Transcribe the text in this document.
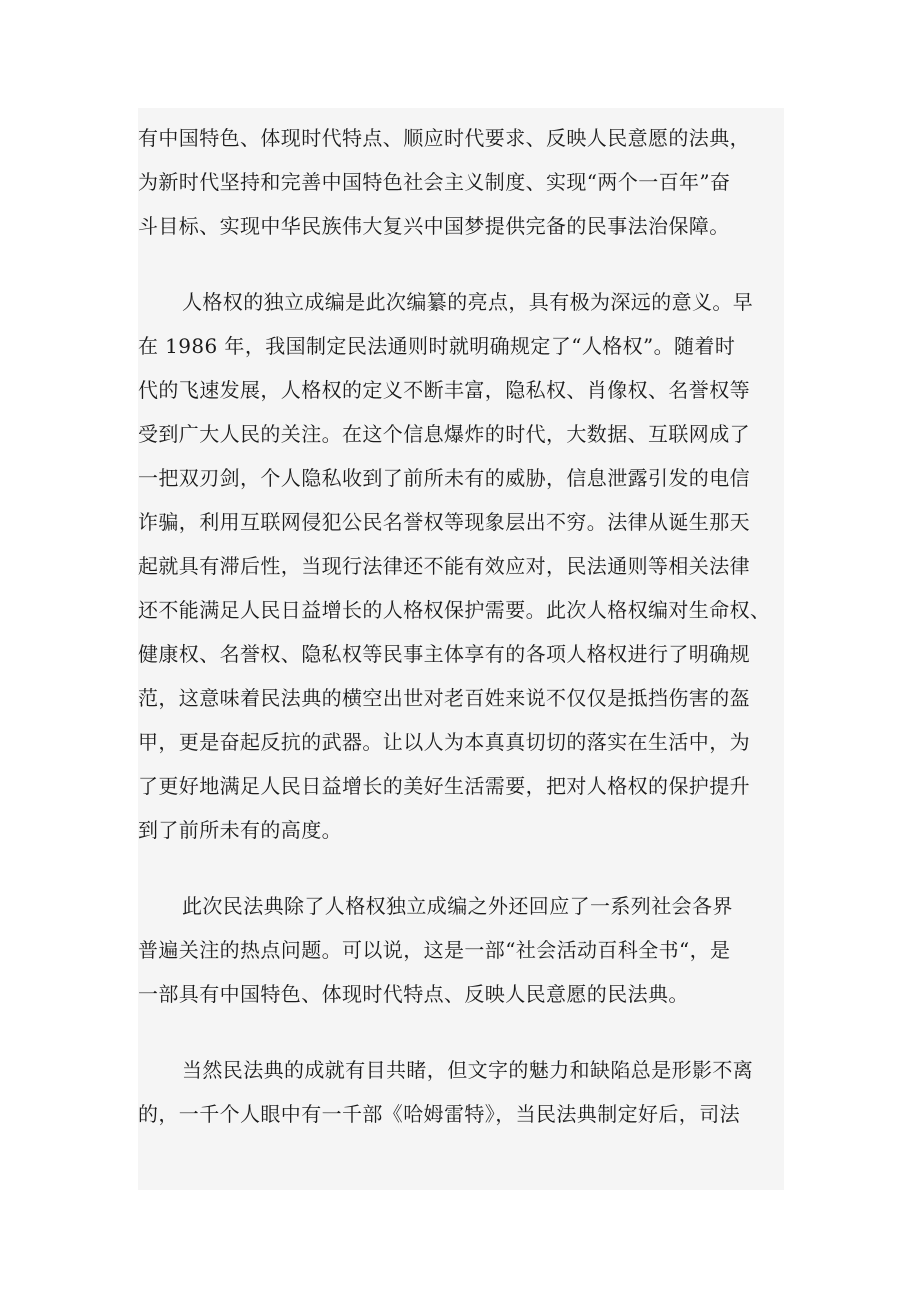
有中国特色、体现时代特点、顺应时代要求、反映人民意愿的法典，
为新时代坚持和完善中国特色社会主义制度、实现“两个一百年”奋
斗目标、实现中华民族伟大复兴中国梦提供完备的民事法治保障。
人格权的独立成编是此次编纂的亮点，具有极为深远的意义。早
在 1986 年，我国制定民法通则时就明确规定了“人格权”。随着时
代的飞速发展，人格权的定义不断丰富，隐私权、肖像权、名誉权等
受到广大人民的关注。在这个信息爆炸的时代，大数据、互联网成了
一把双刃剑，个人隐私收到了前所未有的威胁，信息泄露引发的电信
诈骗，利用互联网侵犯公民名誉权等现象层出不穷。法律从诞生那天
起就具有滞后性，当现行法律还不能有效应对，民法通则等相关法律
还不能满足人民日益增长的人格权保护需要。此次人格权编对生命权、
健康权、名誉权、隐私权等民事主体享有的各项人格权进行了明确规
范，这意味着民法典的横空出世对老百姓来说不仅仅是抵挡伤害的盔
甲，更是奋起反抗的武器。让以人为本真真切切的落实在生活中，为
了更好地满足人民日益增长的美好生活需要，把对人格权的保护提升
到了前所未有的高度。
此次民法典除了人格权独立成编之外还回应了一系列社会各界
普遍关注的热点问题。可以说，这是一部“社会活动百科全书“，是
一部具有中国特色、体现时代特点、反映人民意愿的民法典。
当然民法典的成就有目共睹，但文字的魅力和缺陷总是形影不离
的，一千个人眼中有一千部《哈姆雷特》，当民法典制定好后，司法
